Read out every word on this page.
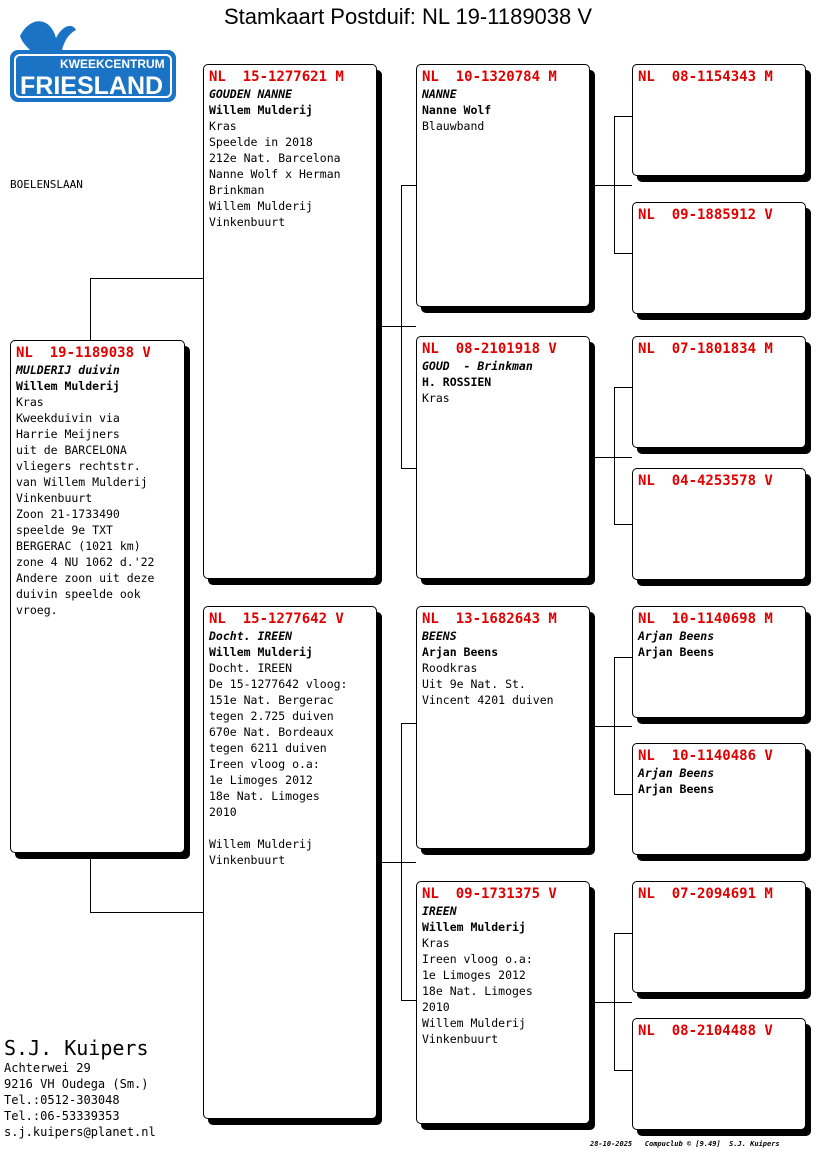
Stamkaart Postduif: NL 19-1189038 V
KWEEKCENTRUM
FRIESLAND
BOELENSLAAN
NL  19-1189038 V
MULDERIJ duivin
Willem Mulderij
Kras
Kweekduivin via
Harrie Meijners
uit de BARCELONA
vliegers rechtstr.
van Willem Mulderij
Vinkenbuurt
Zoon 21-1733490
speelde 9e TXT
BERGERAC (1021 km)
zone 4 NU 1062 d.'22
Andere zoon uit deze
duivin speelde ook
vroeg.
NL  15-1277621 M
GOUDEN NANNE
Willem Mulderij
Kras
Speelde in 2018
212e Nat. Barcelona
Nanne Wolf x Herman
Brinkman
Willem Mulderij
Vinkenbuurt
NL  15-1277642 V
Docht. IREEN
Willem Mulderij
Docht. IREEN
De 15-1277642 vloog:
151e Nat. Bergerac
tegen 2.725 duiven
670e Nat. Bordeaux
tegen 6211 duiven
Ireen vloog o.a:
1e Limoges 2012
18e Nat. Limoges
2010

Willem Mulderij
Vinkenbuurt
NL  10-1320784 M
NANNE
Nanne Wolf
Blauwband
NL  08-2101918 V
GOUD  - Brinkman
H. ROSSIEN
Kras
NL  13-1682643 M
BEENS
Arjan Beens
Roodkras
Uit 9e Nat. St.
Vincent 4201 duiven
NL  09-1731375 V
IREEN
Willem Mulderij
Kras
Ireen vloog o.a:
1e Limoges 2012
18e Nat. Limoges
2010
Willem Mulderij
Vinkenbuurt
NL  08-1154343 M
NL  09-1885912 V
NL  07-1801834 M
NL  04-4253578 V
NL  10-1140698 M
Arjan Beens
Arjan Beens
NL  10-1140486 V
Arjan Beens
Arjan Beens
NL  07-2094691 M
NL  08-2104488 V
S.J. Kuipers
Achterwei 29
9216 VH Oudega (Sm.)
Tel.:0512-303048
Tel.:06-53339353
s.j.kuipers@planet.nl
28-10-2025   Compuclub © [9.49]  S.J. Kuipers
